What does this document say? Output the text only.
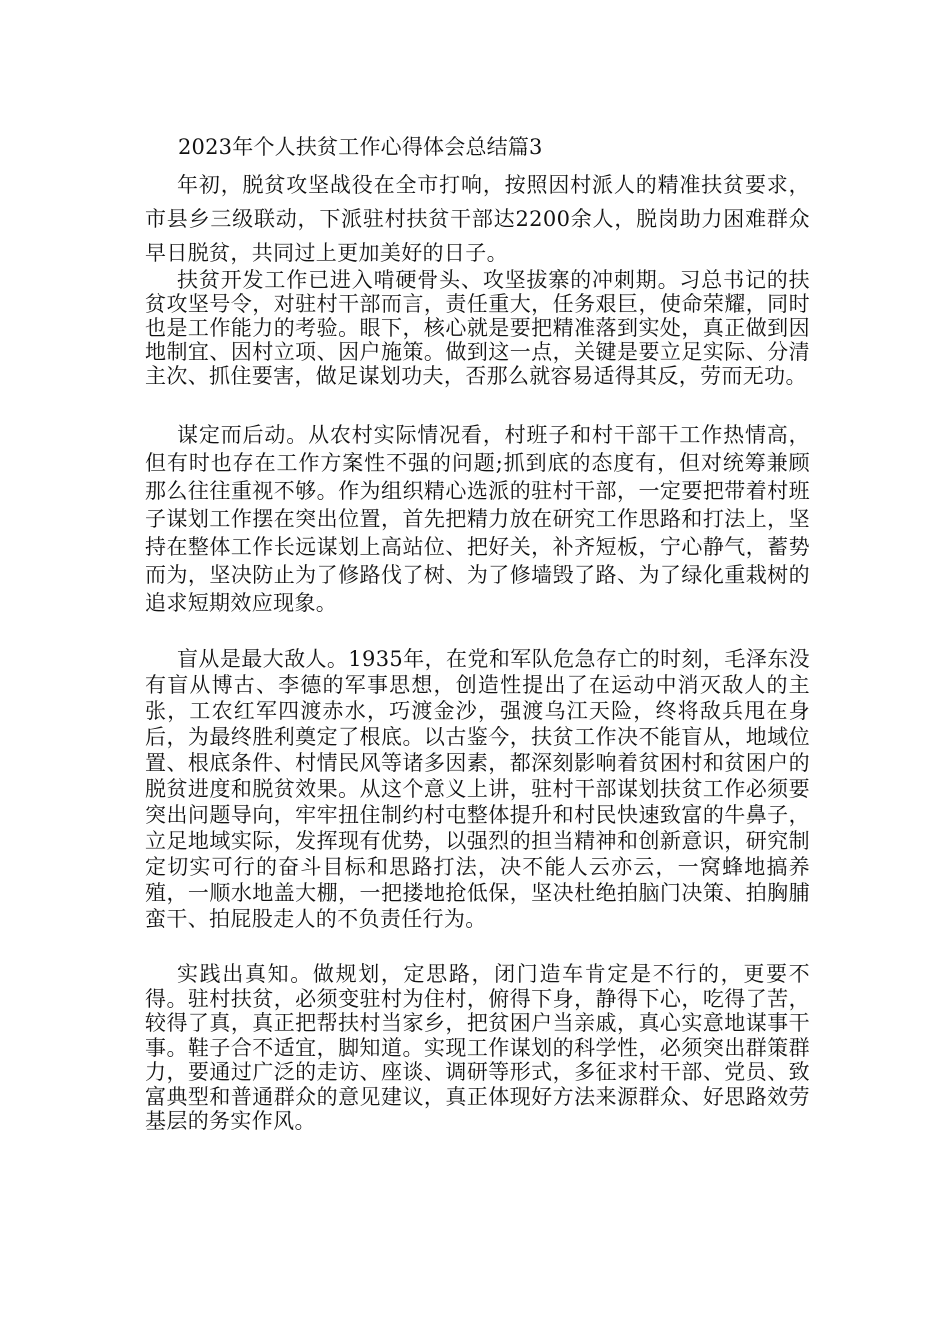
2023年个人扶贫工作心得体会总结篇3

年初，脱贫攻坚战役在全市打响，按照因村派人的精准扶贫要求，市县乡三级联动，下派驻村扶贫干部达2200余人，脱岗助力困难群众早日脱贫，共同过上更加美好的日子。

扶贫开发工作已进入啃硬骨头、攻坚拔寨的冲刺期。习总书记的扶贫攻坚号令，对驻村干部而言，责任重大，任务艰巨，使命荣耀，同时也是工作能力的考验。眼下，核心就是要把精准落到实处，真正做到因地制宜、因村立项、因户施策。做到这一点，关键是要立足实际、分清主次、抓住要害，做足谋划功夫，否那么就容易适得其反，劳而无功。

谋定而后动。从农村实际情况看，村班子和村干部干工作热情高，但有时也存在工作方案性不强的问题;抓到底的态度有，但对统筹兼顾那么往往重视不够。作为组织精心选派的驻村干部，一定要把带着村班子谋划工作摆在突出位置，首先把精力放在研究工作思路和打法上，坚持在整体工作长远谋划上高站位、把好关，补齐短板，宁心静气，蓄势而为，坚决防止为了修路伐了树、为了修墙毁了路、为了绿化重栽树的追求短期效应现象。

盲从是最大敌人。1935年，在党和军队危急存亡的时刻，毛泽东没有盲从博古、李德的军事思想，创造性提出了在运动中消灭敌人的主张，工农红军四渡赤水，巧渡金沙，强渡乌江天险，终将敌兵甩在身后，为最终胜利奠定了根底。以古鉴今，扶贫工作决不能盲从，地域位置、根底条件、村情民风等诸多因素，都深刻影响着贫困村和贫困户的脱贫进度和脱贫效果。从这个意义上讲，驻村干部谋划扶贫工作必须要突出问题导向，牢牢扭住制约村屯整体提升和村民快速致富的牛鼻子，立足地域实际，发挥现有优势，以强烈的担当精神和创新意识，研究制定切实可行的奋斗目标和思路打法，决不能人云亦云，一窝蜂地搞养殖，一顺水地盖大棚，一把搂地抢低保，坚决杜绝拍脑门决策、拍胸脯蛮干、拍屁股走人的不负责任行为。

实践出真知。做规划，定思路，闭门造车肯定是不行的，更要不得。驻村扶贫，必须变驻村为住村，俯得下身，静得下心，吃得了苦，较得了真，真正把帮扶村当家乡，把贫困户当亲戚，真心实意地谋事干事。鞋子合不适宜，脚知道。实现工作谋划的科学性，必须突出群策群力，要通过广泛的走访、座谈、调研等形式，多征求村干部、党员、致富典型和普通群众的意见建议，真正体现好方法来源群众、好思路效劳基层的务实作风。
